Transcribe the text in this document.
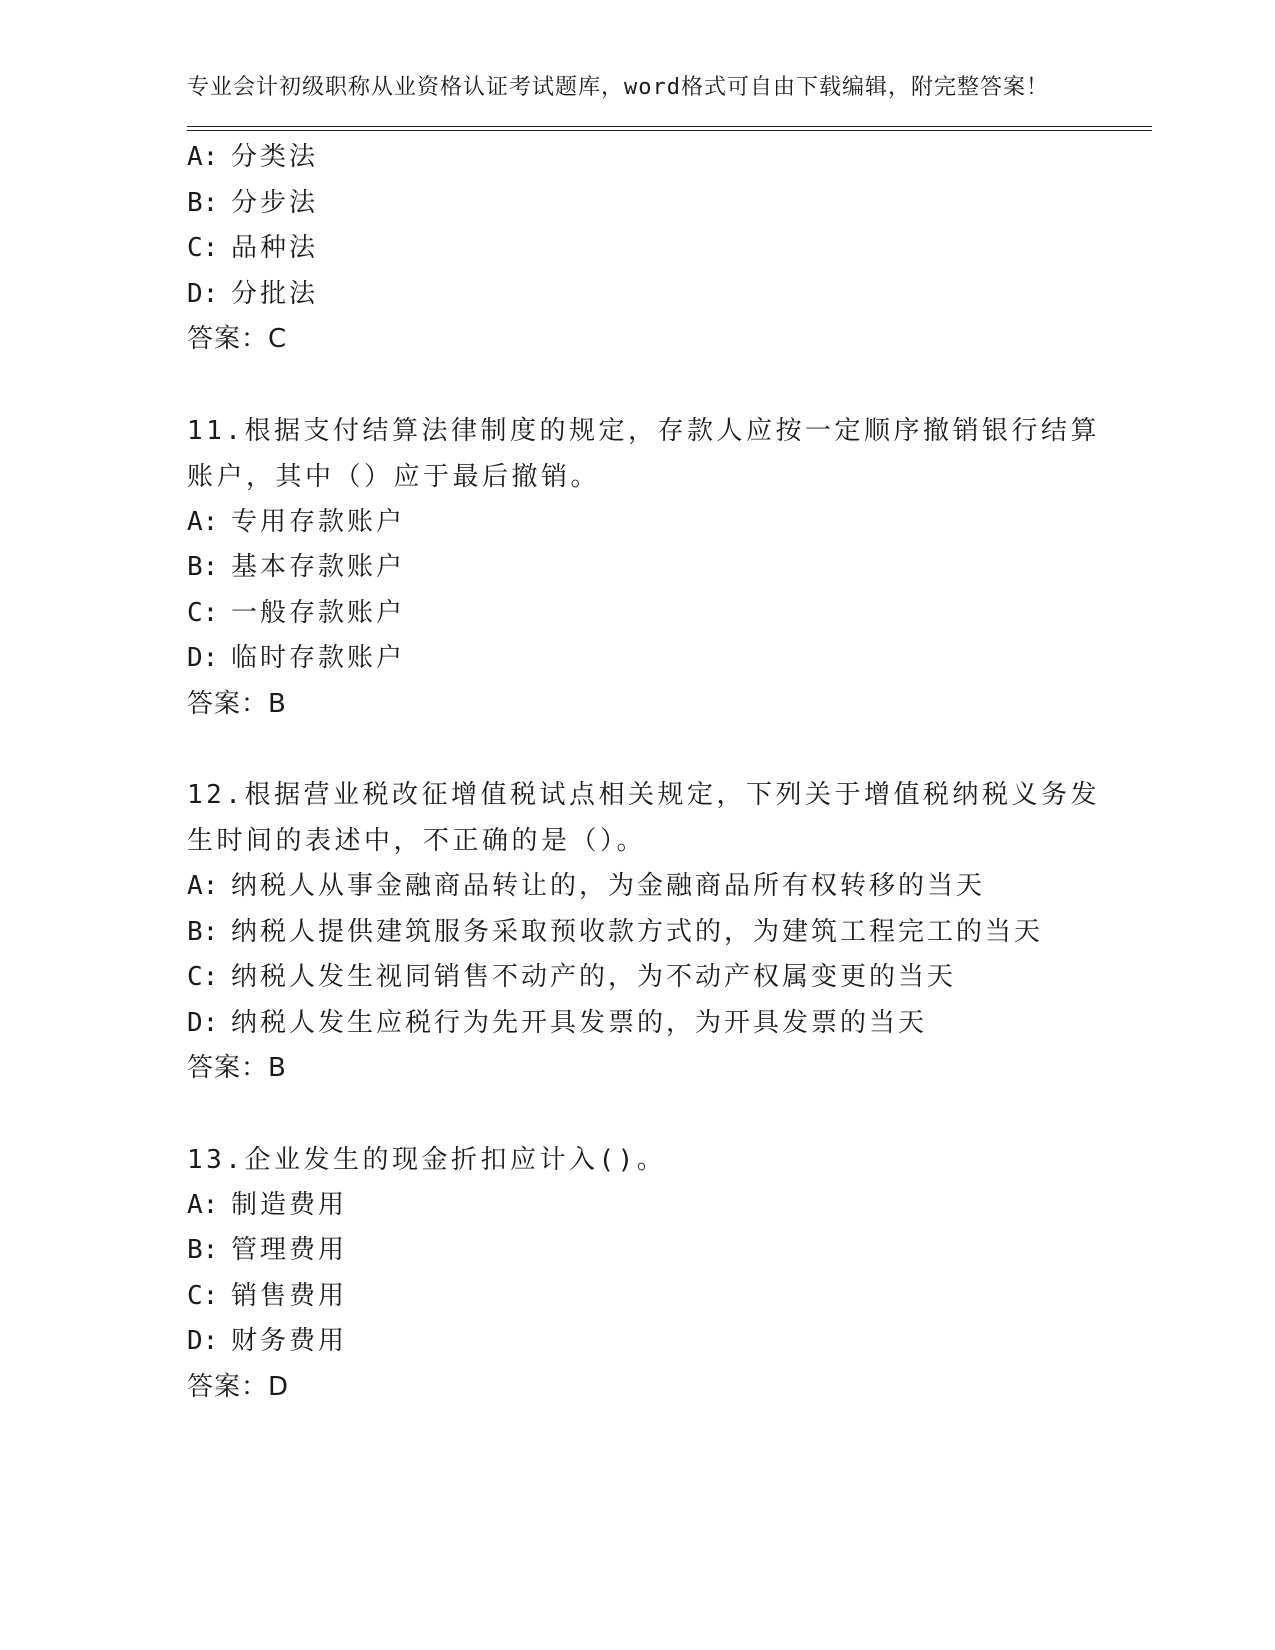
专业会计初级职称从业资格认证考试题库，word格式可自由下载编辑，附完整答案！
A: 分类法
B: 分步法
C: 品种法
D: 分批法
答案：C
11.根据支付结算法律制度的规定，存款人应按一定顺序撤销银行结算
账户，其中（）应于最后撤销。
A: 专用存款账户
B: 基本存款账户
C: 一般存款账户
D: 临时存款账户
答案：B
12.根据营业税改征增值税试点相关规定，下列关于增值税纳税义务发
生时间的表述中，不正确的是（）。
A: 纳税人从事金融商品转让的，为金融商品所有权转移的当天
B: 纳税人提供建筑服务采取预收款方式的，为建筑工程完工的当天
C: 纳税人发生视同销售不动产的，为不动产权属变更的当天
D: 纳税人发生应税行为先开具发票的，为开具发票的当天
答案：B
13.企业发生的现金折扣应计入()。
A: 制造费用
B: 管理费用
C: 销售费用
D: 财务费用
答案：D
